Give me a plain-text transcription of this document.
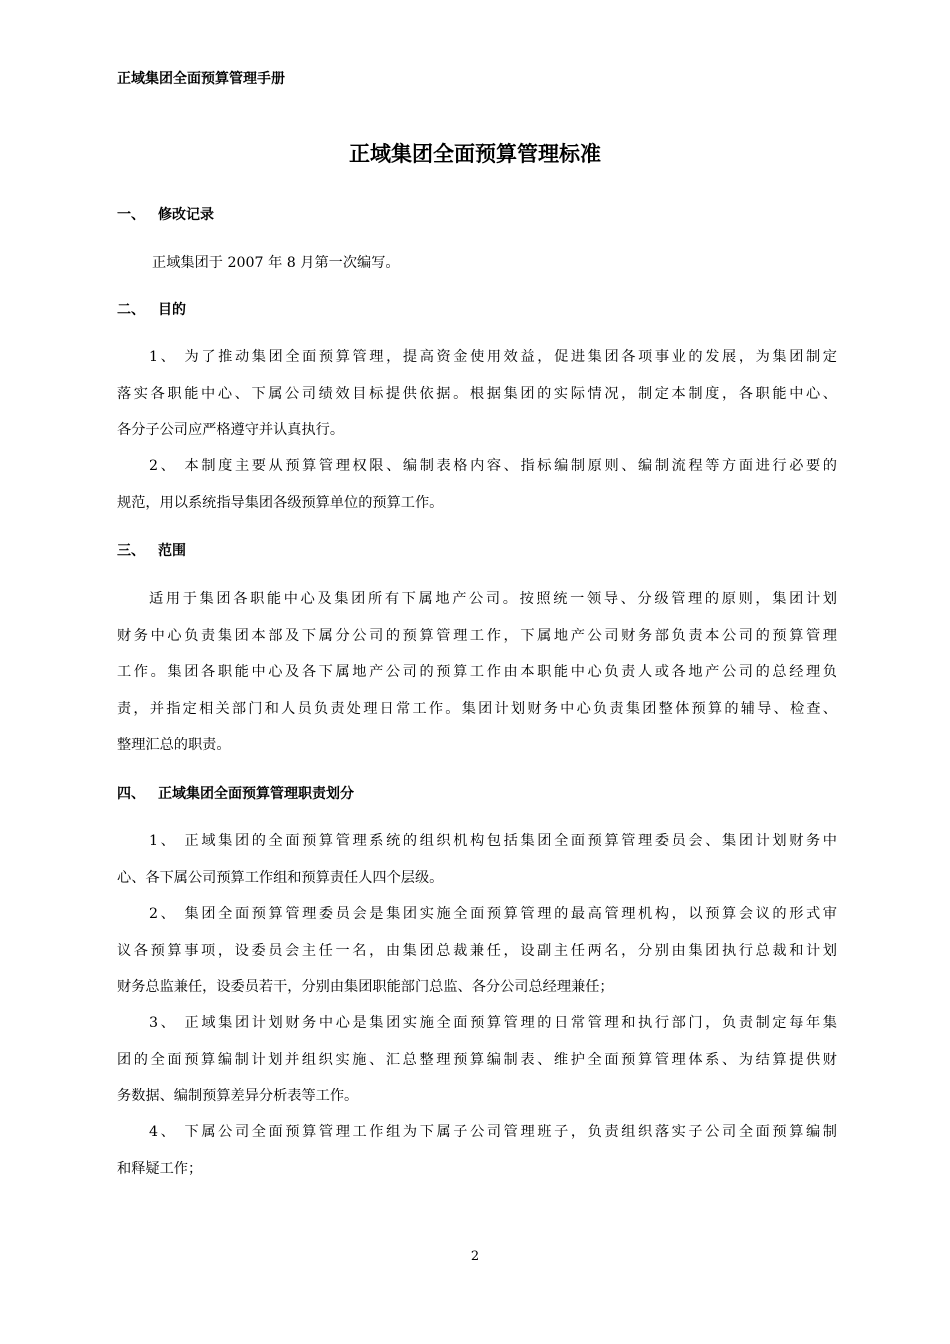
正域集团全面预算管理手册
正域集团全面预算管理标准
一、 修改记录
正域集团于 2007 年 8 月第一次编写。
二、 目的
1、 为了推动集团全面预算管理，提高资金使用效益，促进集团各项事业的发展，为集团制定
落实各职能中心、下属公司绩效目标提供依据。根据集团的实际情况，制定本制度，各职能中心、
各分子公司应严格遵守并认真执行。
2、 本制度主要从预算管理权限、编制表格内容、指标编制原则、编制流程等方面进行必要的
规范，用以系统指导集团各级预算单位的预算工作。
三、 范围
适用于集团各职能中心及集团所有下属地产公司。按照统一领导、分级管理的原则，集团计划
财务中心负责集团本部及下属分公司的预算管理工作，下属地产公司财务部负责本公司的预算管理
工作。集团各职能中心及各下属地产公司的预算工作由本职能中心负责人或各地产公司的总经理负
责，并指定相关部门和人员负责处理日常工作。集团计划财务中心负责集团整体预算的辅导、检查、
整理汇总的职责。
四、 正域集团全面预算管理职责划分
1、 正域集团的全面预算管理系统的组织机构包括集团全面预算管理委员会、集团计划财务中
心、各下属公司预算工作组和预算责任人四个层级。
2、 集团全面预算管理委员会是集团实施全面预算管理的最高管理机构，以预算会议的形式审
议各预算事项，设委员会主任一名，由集团总裁兼任，设副主任两名，分别由集团执行总裁和计划
财务总监兼任，设委员若干，分别由集团职能部门总监、各分公司总经理兼任；
3、 正域集团计划财务中心是集团实施全面预算管理的日常管理和执行部门，负责制定每年集
团的全面预算编制计划并组织实施、汇总整理预算编制表、维护全面预算管理体系、为结算提供财
务数据、编制预算差异分析表等工作。
4、 下属公司全面预算管理工作组为下属子公司管理班子，负责组织落实子公司全面预算编制
和释疑工作；
2
